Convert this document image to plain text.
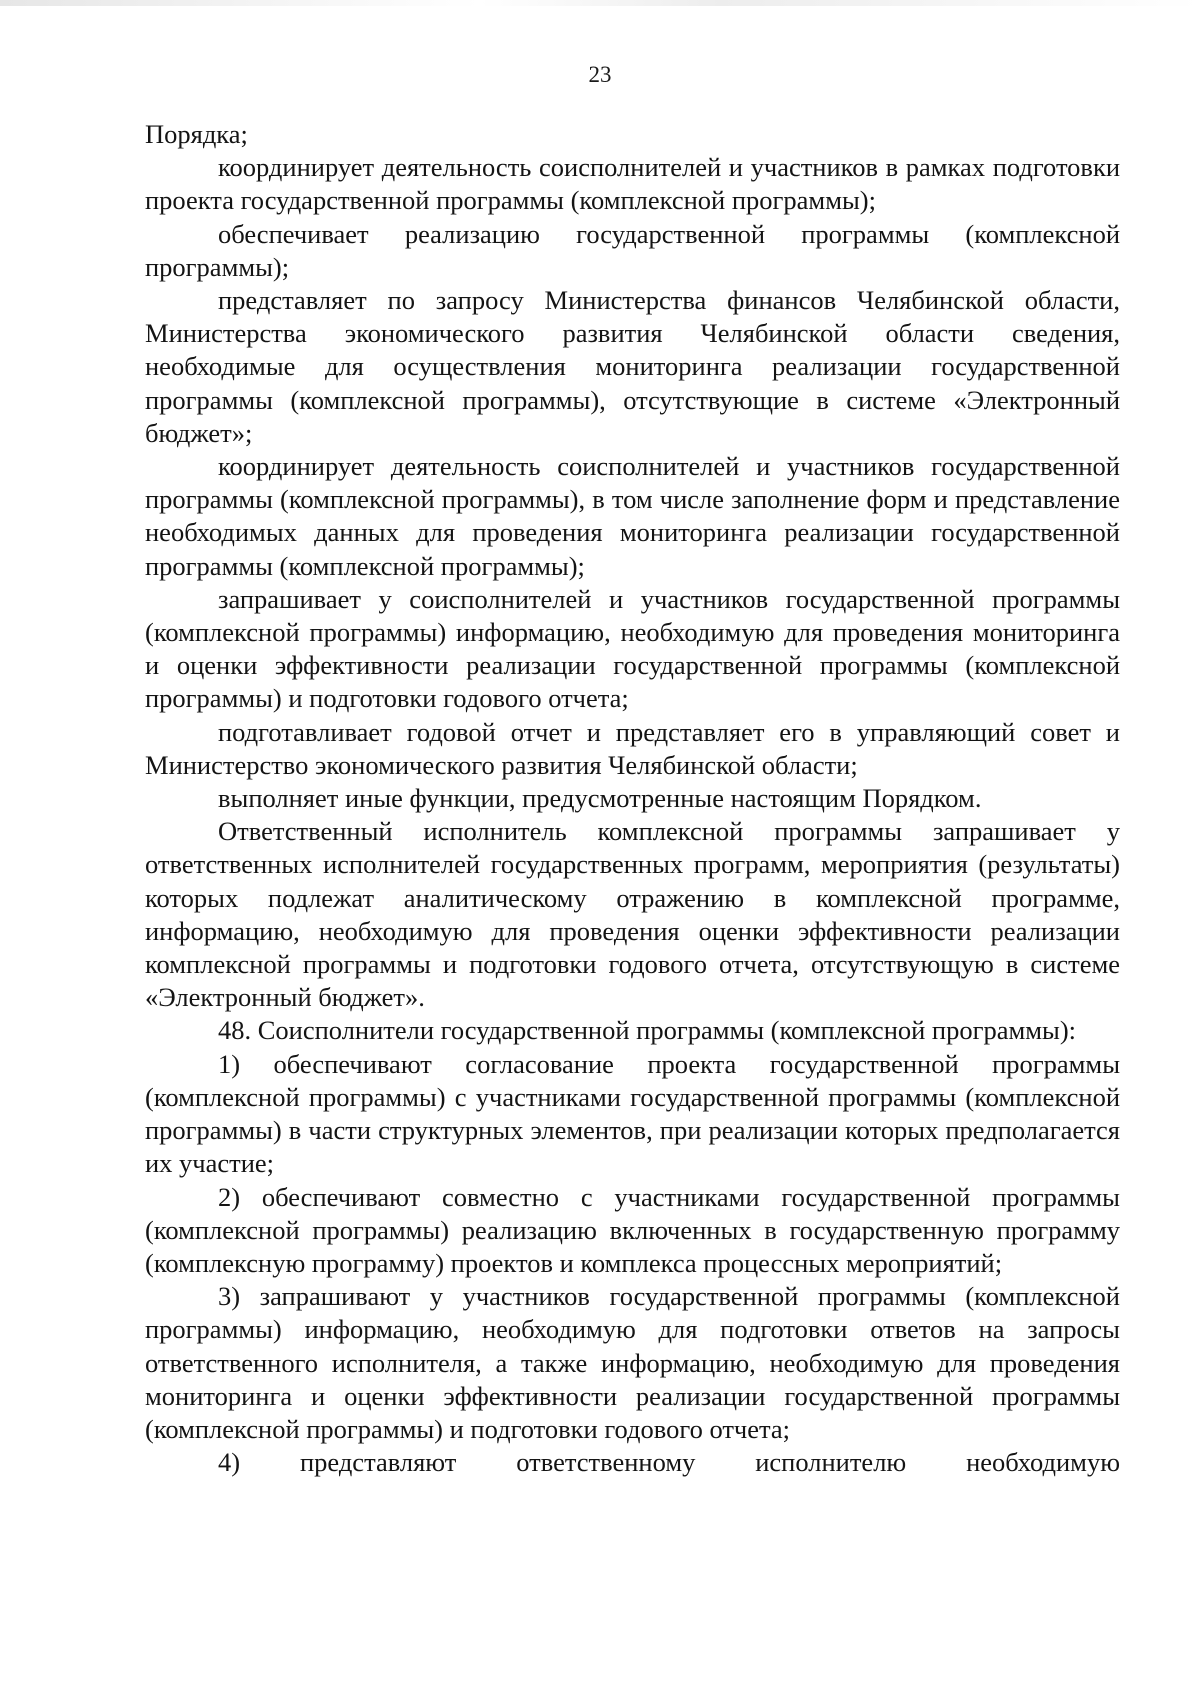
23

Порядка;

координирует деятельность соисполнителей и участников в рамках подготовки проекта государственной программы (комплексной программы);

обеспечивает реализацию государственной программы (комплексной программы);

представляет по запросу Министерства финансов Челябинской области, Министерства экономического развития Челябинской области сведения, необходимые для осуществления мониторинга реализации государственной программы (комплексной программы), отсутствующие в системе «Электронный бюджет»;

координирует деятельность соисполнителей и участников государственной программы (комплексной программы), в том числе заполнение форм и представление необходимых данных для проведения мониторинга реализации государственной программы (комплексной программы);

запрашивает у соисполнителей и участников государственной программы (комплексной программы) информацию, необходимую для проведения мониторинга и оценки эффективности реализации государственной программы (комплексной программы) и подготовки годового отчета;

подготавливает годовой отчет и представляет его в управляющий совет и Министерство экономического развития Челябинской области;

выполняет иные функции, предусмотренные настоящим Порядком.

Ответственный исполнитель комплексной программы запрашивает у ответственных исполнителей государственных программ, мероприятия (результаты) которых подлежат аналитическому отражению в комплексной программе, информацию, необходимую для проведения оценки эффективности реализации комплексной программы и подготовки годового отчета, отсутствующую в системе «Электронный бюджет».

48. Соисполнители государственной программы (комплексной программы):

1) обеспечивают согласование проекта государственной программы (комплексной программы) с участниками государственной программы (комплексной программы) в части структурных элементов, при реализации которых предполагается их участие;

2) обеспечивают совместно с участниками государственной программы (комплексной программы) реализацию включенных в государственную программу (комплексную программу) проектов и комплекса процессных мероприятий;

3) запрашивают у участников государственной программы (комплексной программы) информацию, необходимую для подготовки ответов на запросы ответственного исполнителя, а также информацию, необходимую для проведения мониторинга и оценки эффективности реализации государственной программы (комплексной программы) и подготовки годового отчета;

4) представляют ответственному исполнителю необходимую
